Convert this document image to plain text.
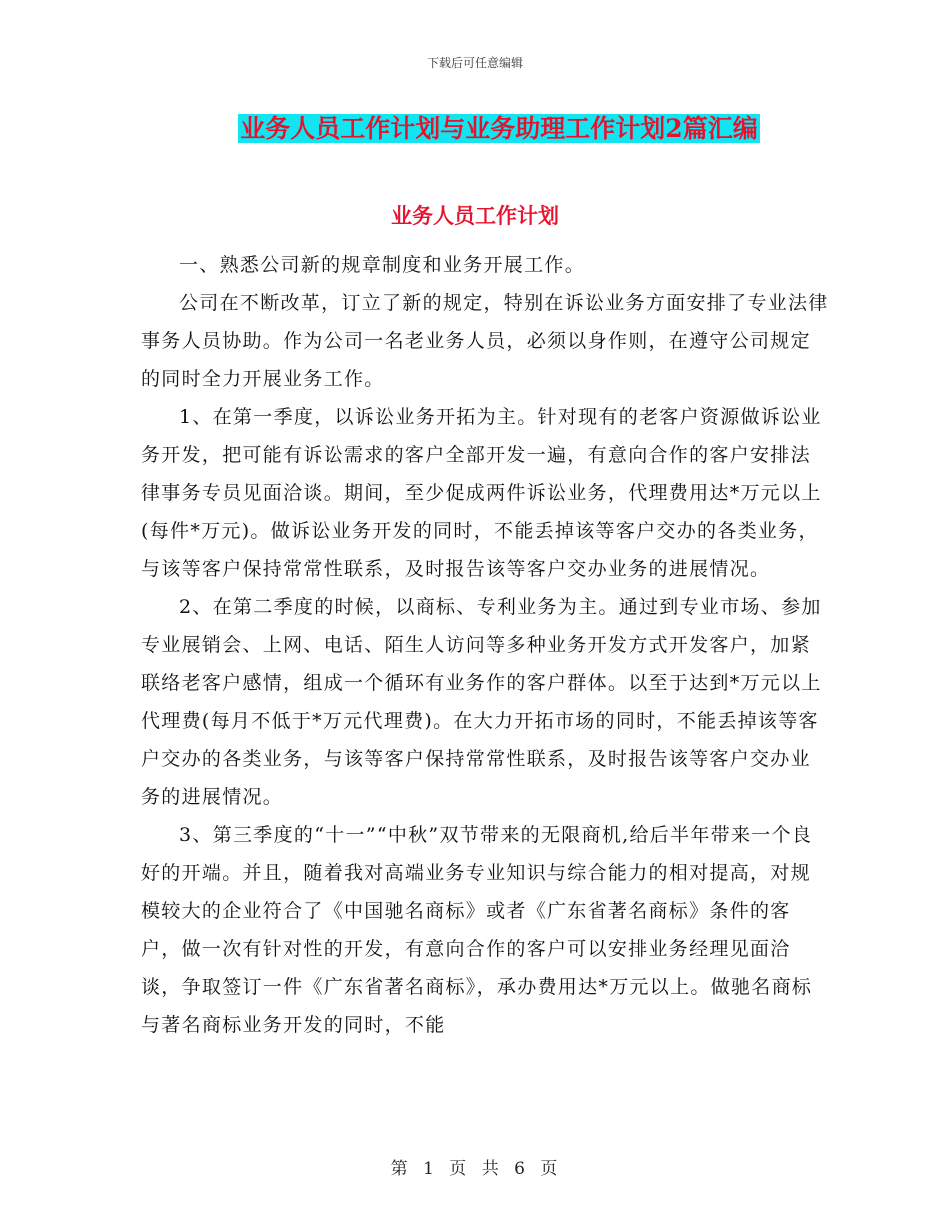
下载后可任意编辑
业务人员工作计划与业务助理工作计划2篇汇编
业务人员工作计划

一、熟悉公司新的规章制度和业务开展工作。

公司在不断改革，订立了新的规定，特别在诉讼业务方面安排了专业法律事务人员协助。作为公司一名老业务人员，必须以身作则，在遵守公司规定的同时全力开展业务工作。

1、在第一季度，以诉讼业务开拓为主。针对现有的老客户资源做诉讼业务开发，把可能有诉讼需求的客户全部开发一遍，有意向合作的客户安排法律事务专员见面洽谈。期间，至少促成两件诉讼业务，代理费用达*万元以上(每件*万元)。做诉讼业务开发的同时，不能丢掉该等客户交办的各类业务，与该等客户保持常常性联系，及时报告该等客户交办业务的进展情况。

2、在第二季度的时候，以商标、专利业务为主。通过到专业市场、参加专业展销会、上网、电话、陌生人访问等多种业务开发方式开发客户，加紧联络老客户感情，组成一个循环有业务作的客户群体。以至于达到*万元以上代理费(每月不低于*万元代理费)。在大力开拓市场的同时，不能丢掉该等客户交办的各类业务，与该等客户保持常常性联系，及时报告该等客户交办业务的进展情况。

3、第三季度的“十一”“中秋”双节带来的无限商机,给后半年带来一个良好的开端。并且，随着我对高端业务专业知识与综合能力的相对提高，对规模较大的企业符合了《中国驰名商标》或者《广东省著名商标》条件的客户，做一次有针对性的开发，有意向合作的客户可以安排业务经理见面洽谈，争取签订一件《广东省著名商标》，承办费用达*万元以上。做驰名商标与著名商标业务开发的同时，不能

第 1 页 共 6 页
